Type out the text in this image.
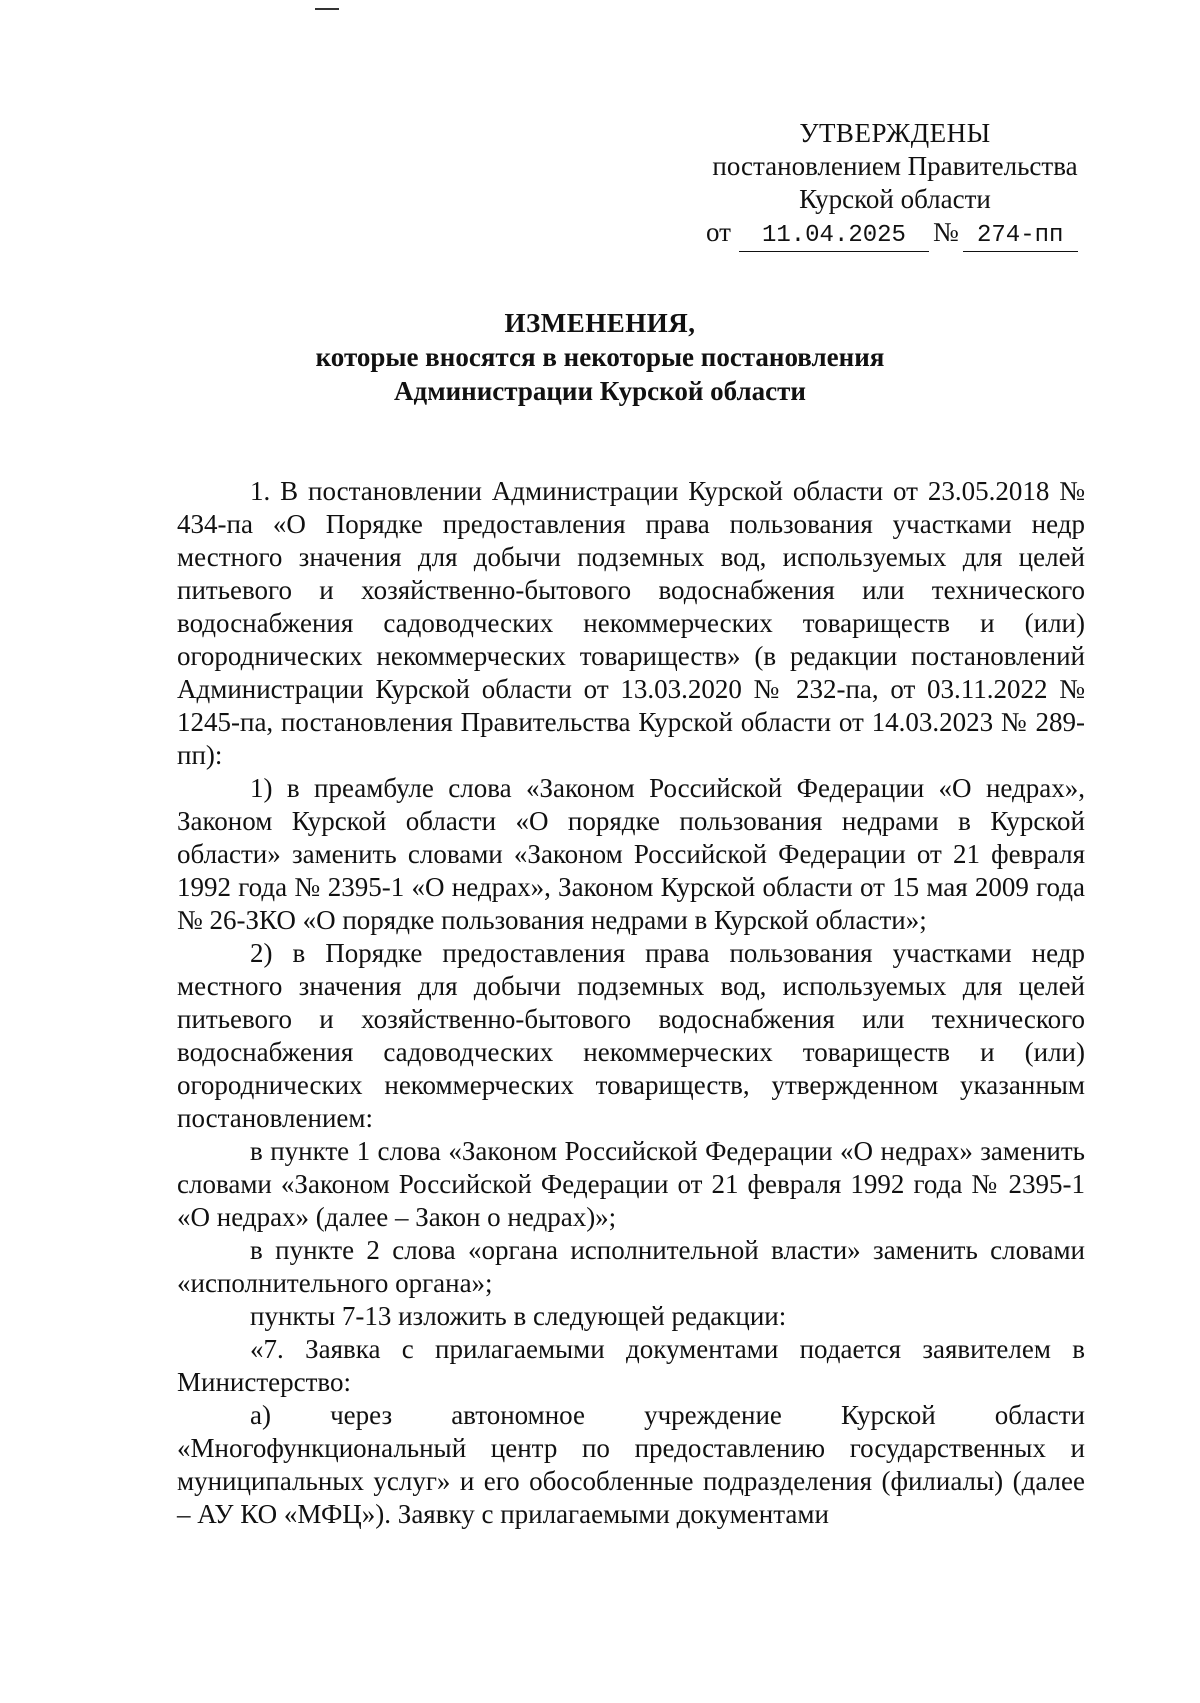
УТВЕРЖДЕНЫ
постановлением Правительства
Курской области
от	11.04.2025 № 274-пп
ИЗМЕНЕНИЯ,
которые вносятся в некоторые постановления
Администрации Курской области

1. В постановлении Администрации Курской области от 23.05.2018 № 434-па «О Порядке предоставления права пользования участками недр местного значения для добычи подземных вод, используемых для целей питьевого и хозяйственно-бытового водоснабжения или технического водоснабжения садоводческих некоммерческих товариществ и (или) огороднических некоммерческих товариществ» (в редакции постановлений Администрации Курской области от 13.03.2020 № 232-па, от 03.11.2022 № 1245-па, постановления Правительства Курской области от 14.03.2023 № 289-пп):

1) в преамбуле слова «Законом Российской Федерации «О недрах», Законом Курской области «О порядке пользования недрами в Курской области» заменить словами «Законом Российской Федерации от 21 февраля 1992 года № 2395-1 «О недрах», Законом Курской области от 15 мая 2009 года № 26-ЗКО «О порядке пользования недрами в Курской области»;

2) в Порядке предоставления права пользования участками недр местного значения для добычи подземных вод, используемых для целей питьевого и хозяйственно-бытового водоснабжения или технического водоснабжения садоводческих некоммерческих товариществ и (или) огороднических некоммерческих товариществ, утвержденном указанным постановлением:

в пункте 1 слова «Законом Российской Федерации «О недрах» заменить словами «Законом Российской Федерации от 21 февраля 1992 года № 2395-1 «О недрах» (далее – Закон о недрах)»;

в пункте 2 слова «органа исполнительной власти» заменить словами «исполнительного органа»;

пункты 7-13 изложить в следующей редакции:

«7. Заявка с прилагаемыми документами подается заявителем в Министерство:

а) через автономное учреждение Курской области «Многофункциональный центр по предоставлению государственных и муниципальных услуг» и его обособленные подразделения (филиалы) (далее – АУ КО «МФЦ»). Заявку с прилагаемыми документами
